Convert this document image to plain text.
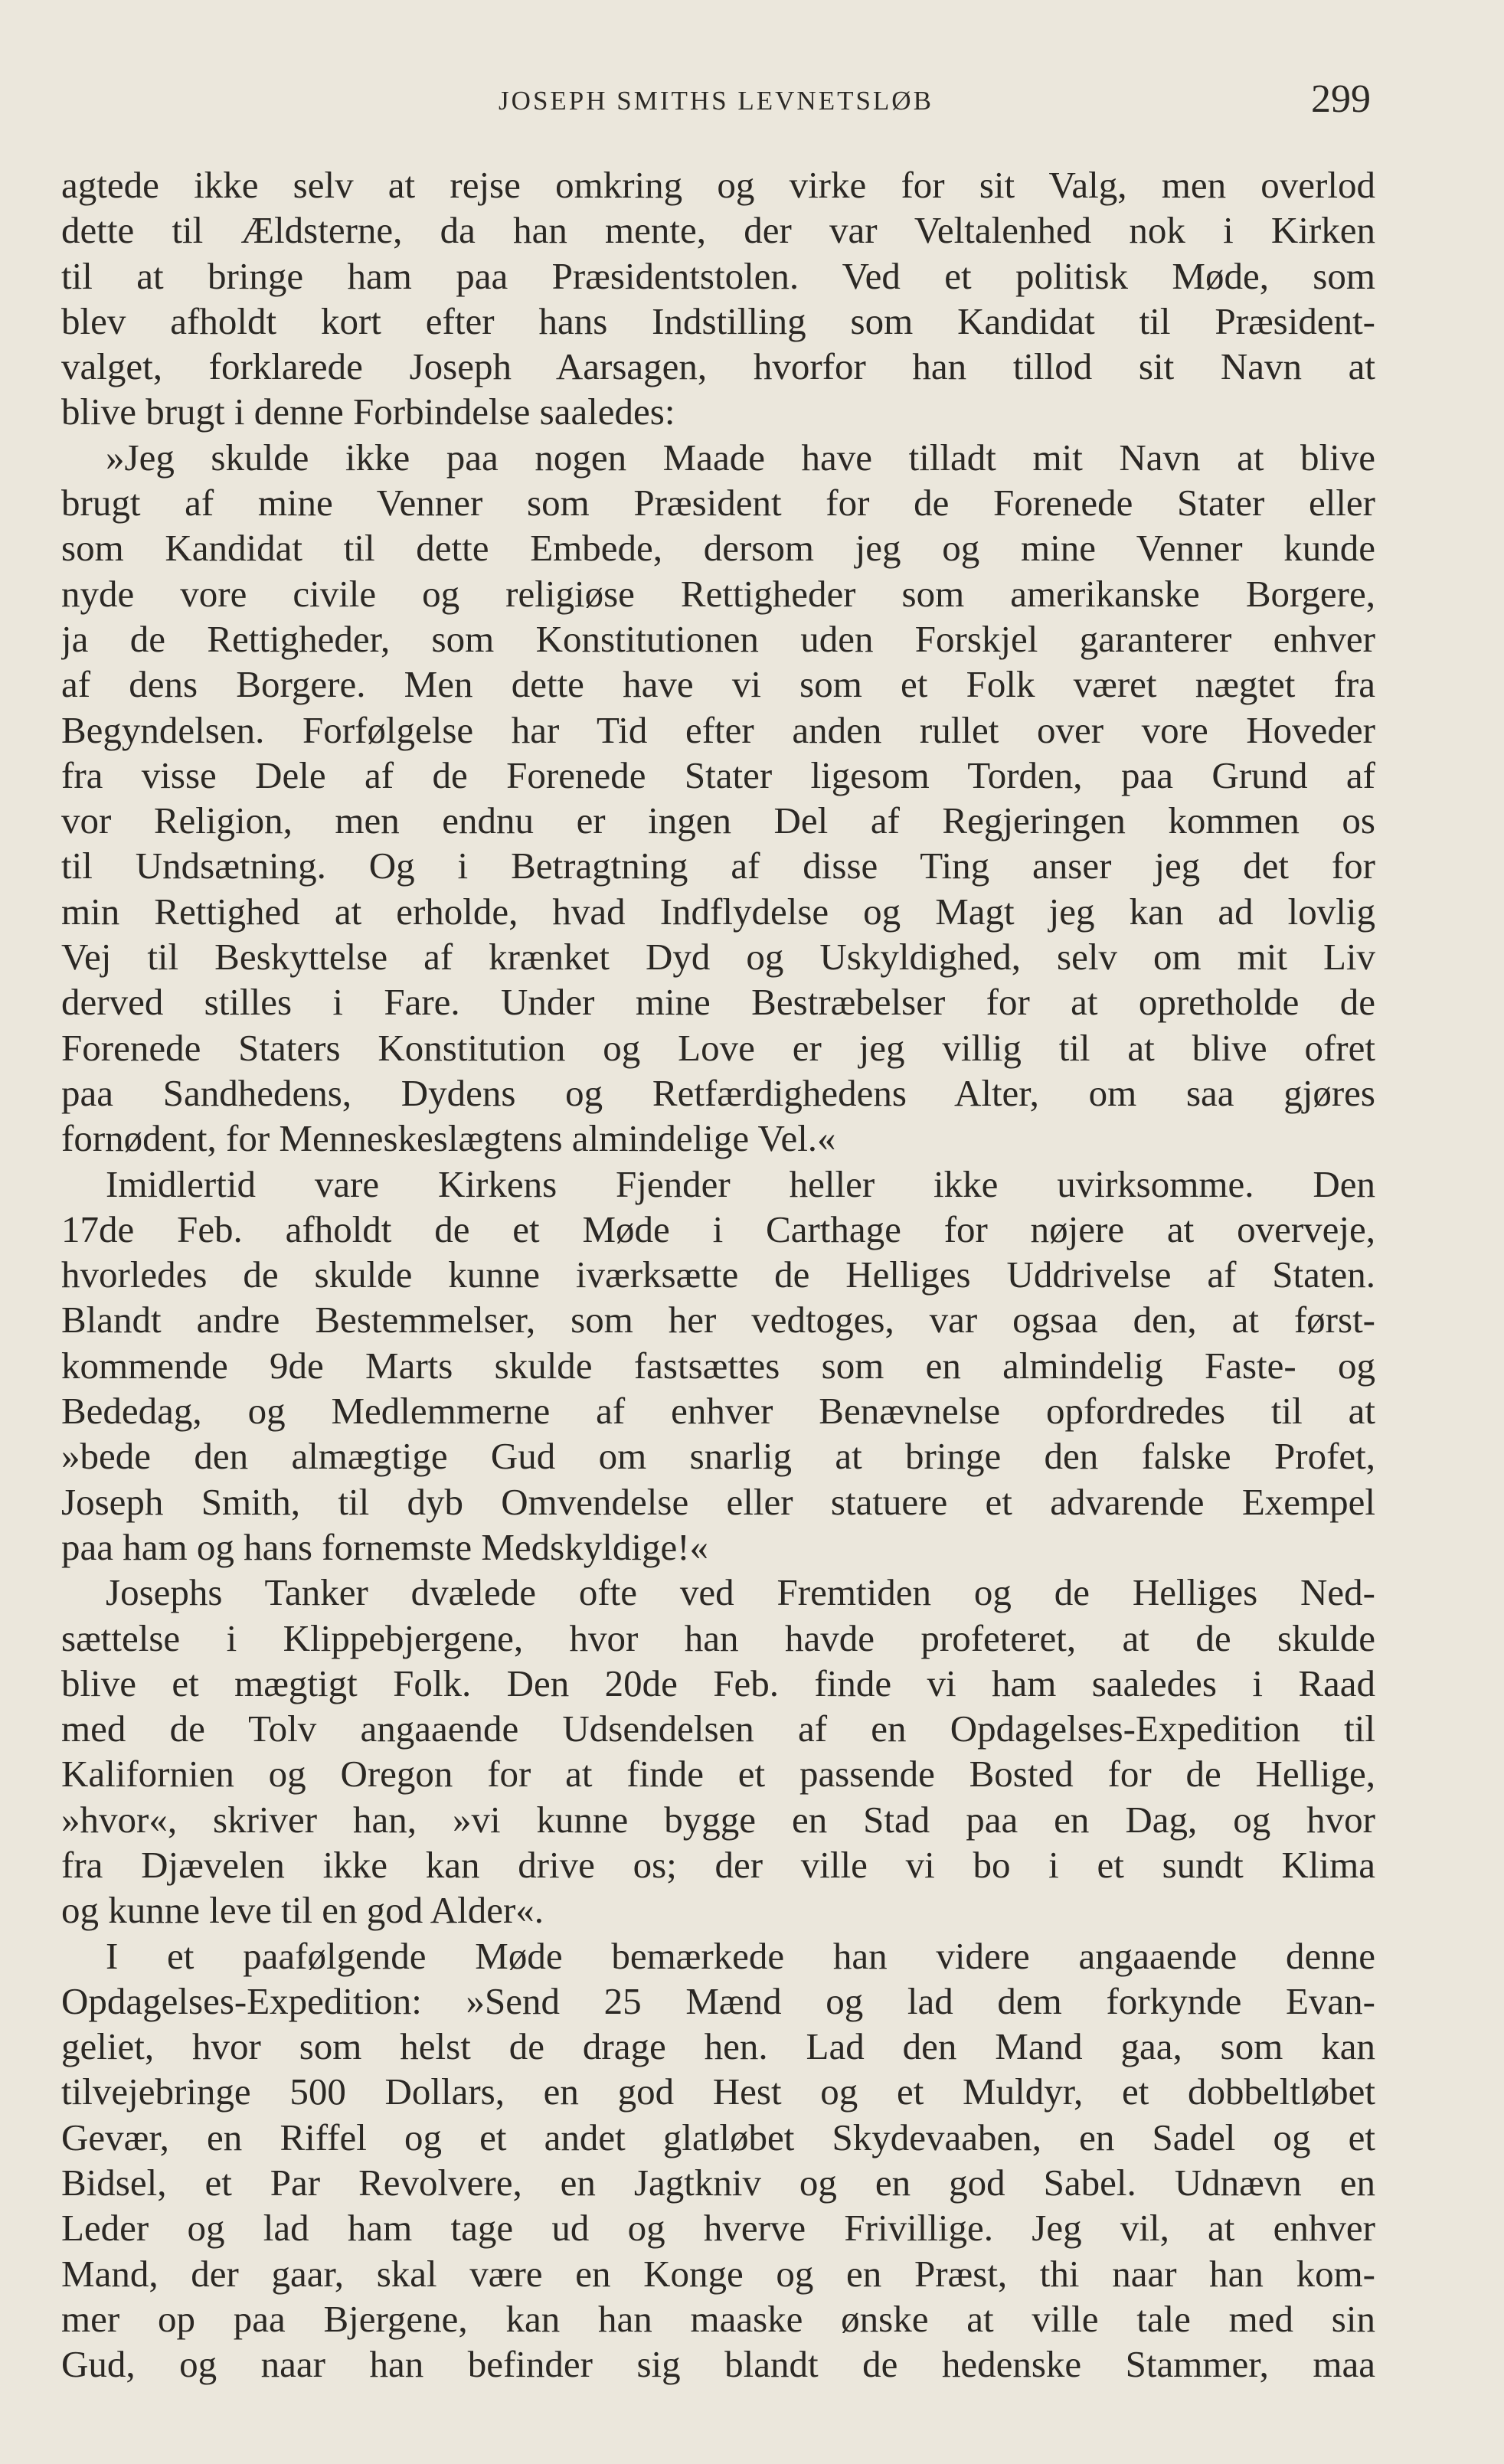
JOSEPH SMITHS LEVNETSLØB	299
agtede ikke selv at rejse omkring og virke for sit Valg, men overlod
dette til Ældsterne, da han mente, der var Veltalenhed nok i Kirken
til at bringe ham paa Præsidentstolen. Ved et politisk Møde, som
blev afholdt kort efter hans Indstilling som Kandidat til Præsident-
valget, forklarede Joseph Aarsagen, hvorfor han tillod sit Navn at
blive brugt i denne Forbindelse saaledes:
»Jeg skulde ikke paa nogen Maade have tilladt mit Navn at blive
brugt af mine Venner som Præsident for de Forenede Stater eller
som Kandidat til dette Embede, dersom jeg og mine Venner kunde
nyde vore civile og religiøse Rettigheder som amerikanske Borgere,
ja de Rettigheder, som Konstitutionen uden Forskjel garanterer enhver
af dens Borgere. Men dette have vi som et Folk været nægtet fra
Begyndelsen. Forfølgelse har Tid efter anden rullet over vore Hoveder
fra visse Dele af de Forenede Stater ligesom Torden, paa Grund af
vor Religion, men endnu er ingen Del af Regjeringen kommen os
til Undsætning. Og i Betragtning af disse Ting anser jeg det for
min Rettighed at erholde, hvad Indflydelse og Magt jeg kan ad lovlig
Vej til Beskyttelse af krænket Dyd og Uskyldighed, selv om mit Liv
derved stilles i Fare. Under mine Bestræbelser for at opretholde de
Forenede Staters Konstitution og Love er jeg villig til at blive ofret
paa Sandhedens, Dydens og Retfærdighedens Alter, om saa gjøres
fornødent, for Menneskeslægtens almindelige Vel.«
Imidlertid vare Kirkens Fjender heller ikke uvirksomme. Den
17de Feb. afholdt de et Møde i Carthage for nøjere at overveje,
hvorledes de skulde kunne iværksætte de Helliges Uddrivelse af Staten.
Blandt andre Bestemmelser, som her vedtoges, var ogsaa den, at først-
kommende 9de Marts skulde fastsættes som en almindelig Faste- og
Bededag, og Medlemmerne af enhver Benævnelse opfordredes til at
»bede den almægtige Gud om snarlig at bringe den falske Profet,
Joseph Smith, til dyb Omvendelse eller statuere et advarende Exempel
paa ham og hans fornemste Medskyldige!«
Josephs Tanker dvælede ofte ved Fremtiden og de Helliges Ned-
sættelse i Klippebjergene, hvor han havde profeteret, at de skulde
blive et mægtigt Folk. Den 20de Feb. finde vi ham saaledes i Raad
med de Tolv angaaende Udsendelsen af en Opdagelses-Expedition til
Kalifornien og Oregon for at finde et passende Bosted for de Hellige,
»hvor«, skriver han, »vi kunne bygge en Stad paa en Dag, og hvor
fra Djævelen ikke kan drive os; der ville vi bo i et sundt Klima
og kunne leve til en god Alder«.
I et paafølgende Møde bemærkede han videre angaaende denne
Opdagelses-Expedition: »Send 25 Mænd og lad dem forkynde Evan-
geliet, hvor som helst de drage hen. Lad den Mand gaa, som kan
tilvejebringe 500 Dollars, en god Hest og et Muldyr, et dobbeltløbet
Gevær, en Riffel og et andet glatløbet Skydevaaben, en Sadel og et
Bidsel, et Par Revolvere, en Jagtkniv og en god Sabel. Udnævn en
Leder og lad ham tage ud og hverve Frivillige. Jeg vil, at enhver
Mand, der gaar, skal være en Konge og en Præst, thi naar han kom-
mer op paa Bjergene, kan han maaske ønske at ville tale med sin
Gud, og naar han befinder sig blandt de hedenske Stammer, maa
